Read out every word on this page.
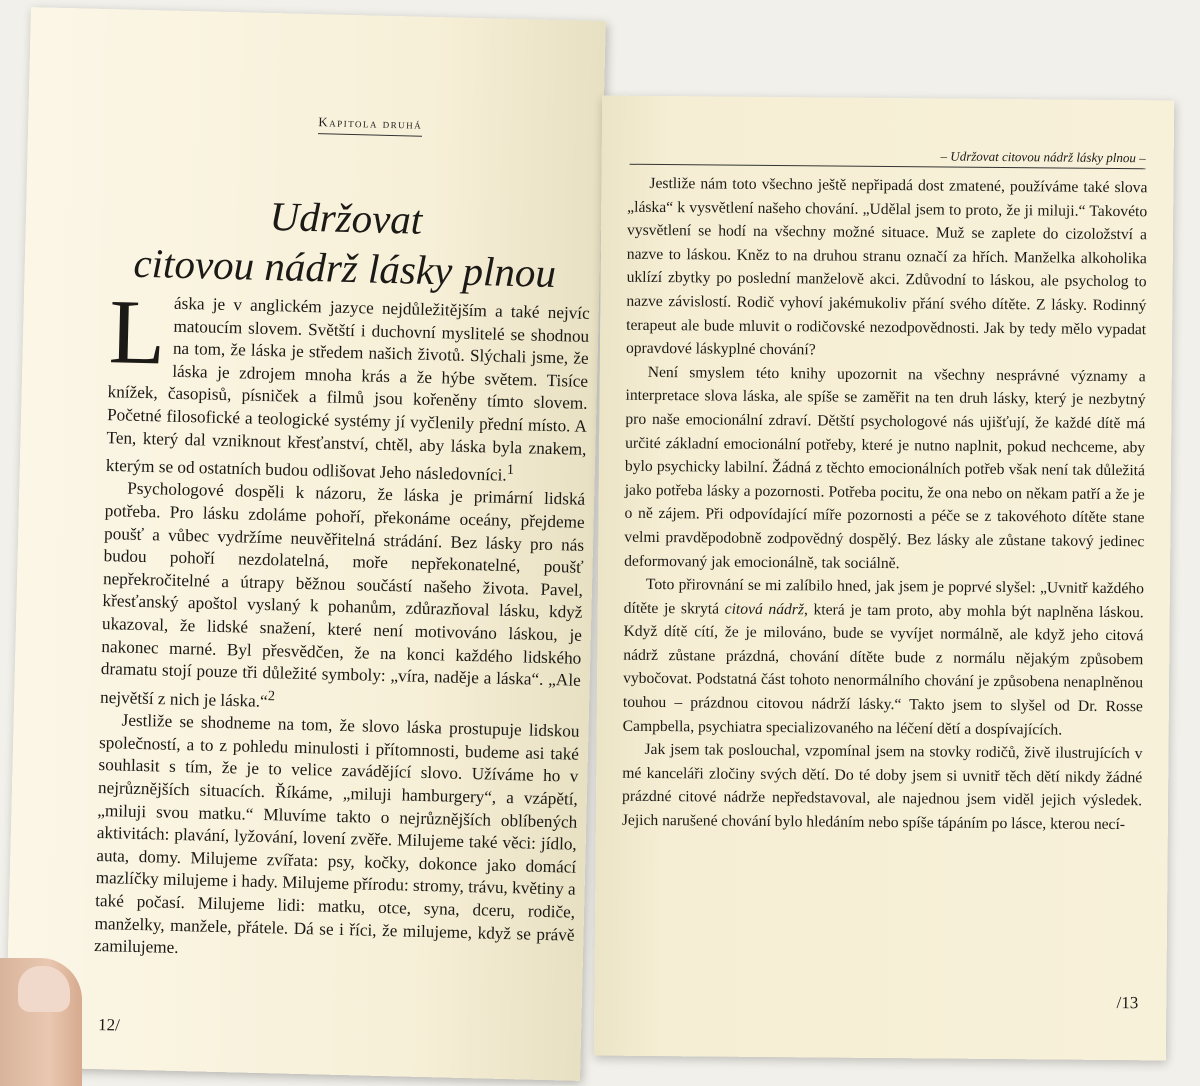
Kapitola druhá
Udržovat
citovou nádrž lásky plnou

Láska je v anglickém jazyce nejdůležitějším a také nejvíc matoucím slovem. Světští i duchovní myslitelé se shodnou na tom, že láska je středem našich životů. Slýchali jsme, že láska je zdrojem mnoha krás a že hýbe světem. Tisíce knížek, časopisů, písniček a filmů jsou kořeněny tímto slovem. Početné filosofické a teologické systémy jí vyčlenily přední místo. A Ten, který dal vzniknout křesťanství, chtěl, aby láska byla znakem, kterým se od ostatních budou odlišovat Jeho následovníci.$^1$

Psychologové dospěli k názoru, že láska je primární lidská potřeba. Pro lásku zdoláme pohoří, překonáme oceány, přejdeme poušť a vůbec vydržíme neuvěřitelná strádání. Bez lásky pro nás budou pohoří nezdolatelná, moře nepřekonatelné, poušť nepřekročitelné a útrapy běžnou součástí našeho života. Pavel, křesťanský apoštol vyslaný k pohanům, zdůrazňoval lásku, když ukazoval, že lidské snažení, které není motivováno láskou, je nakonec marné. Byl přesvědčen, že na konci každého lidského dramatu stojí pouze tři důležité symboly: „víra, naděje a láska“. „Ale největší z nich je láska.“$^2$

Jestliže se shodneme na tom, že slovo láska prostupuje lidskou společností, a to z pohledu minulosti i přítomnosti, budeme asi také souhlasit s tím, že je to velice zavádějící slovo. Užíváme ho v nejrůznějších situacích. Říkáme, „miluji hamburgery“, a vzápětí, „miluji svou matku.“ Mluvíme takto o nejrůznějších oblíbených aktivitách: plavání, lyžování, lovení zvěře. Milujeme také věci: jídlo, auta, domy. Milujeme zvířata: psy, kočky, dokonce jako domácí mazlíčky milujeme i hady. Milujeme přírodu: stromy, trávu, květiny a také počasí. Milujeme lidi: matku, otce, syna, dceru, rodiče, manželky, manžele, přátele. Dá se i říci, že milujeme, když se právě zamilujeme.

12/
– Udržovat citovou nádrž lásky plnou –

Jestliže nám toto všechno ještě nepřipadá dost zmatené, používáme také slova „láska“ k vysvětlení našeho chování. „Udělal jsem to proto, že ji miluji.“ Takovéto vysvětlení se hodí na všechny možné situace. Muž se zaplete do cizoložství a nazve to láskou. Kněz to na druhou stranu označí za hřích. Manželka alkoholika uklízí zbytky po poslední manželově akci. Zdůvodní to láskou, ale psycholog to nazve závislostí. Rodič vyhoví jakémukoliv přání svého dítěte. Z lásky. Rodinný terapeut ale bude mluvit o rodičovské nezodpovědnosti. Jak by tedy mělo vypadat opravdové láskyplné chování?

Není smyslem této knihy upozornit na všechny nesprávné významy a interpretace slova láska, ale spíše se zaměřit na ten druh lásky, který je nezbytný pro naše emocionální zdraví. Dětští psychologové nás ujišťují, že každé dítě má určité základní emocionální potřeby, které je nutno naplnit, pokud nechceme, aby bylo psychicky labilní. Žádná z těchto emocionálních potřeb však není tak důležitá jako potřeba lásky a pozornosti. Potřeba pocitu, že ona nebo on někam patří a že je o ně zájem. Při odpovídající míře pozornosti a péče se z takovéhoto dítěte stane velmi pravděpodobně zodpovědný dospělý. Bez lásky ale zůstane takový jedinec deformovaný jak emocionálně, tak sociálně.

Toto přirovnání se mi zalíbilo hned, jak jsem je poprvé slyšel: „Uvnitř každého dítěte je skrytá citová nádrž, která je tam proto, aby mohla být naplněna láskou. Když dítě cítí, že je milováno, bude se vyvíjet normálně, ale když jeho citová nádrž zůstane prázdná, chování dítěte bude z normálu nějakým způsobem vybočovat. Podstatná část tohoto nenormálního chování je způsobena nenaplněnou touhou – prázdnou citovou nádrží lásky.“ Takto jsem to slyšel od Dr. Rosse Campbella, psychiatra specializovaného na léčení dětí a dospívajících.

Jak jsem tak poslouchal, vzpomínal jsem na stovky rodičů, živě ilustrujících v mé kanceláři zločiny svých dětí. Do té doby jsem si uvnitř těch dětí nikdy žádné prázdné citové nádrže nepředstavoval, ale najednou jsem viděl jejich výsledek. Jejich narušené chování bylo hledáním nebo spíše tápáním po lásce, kterou necí-

/13
